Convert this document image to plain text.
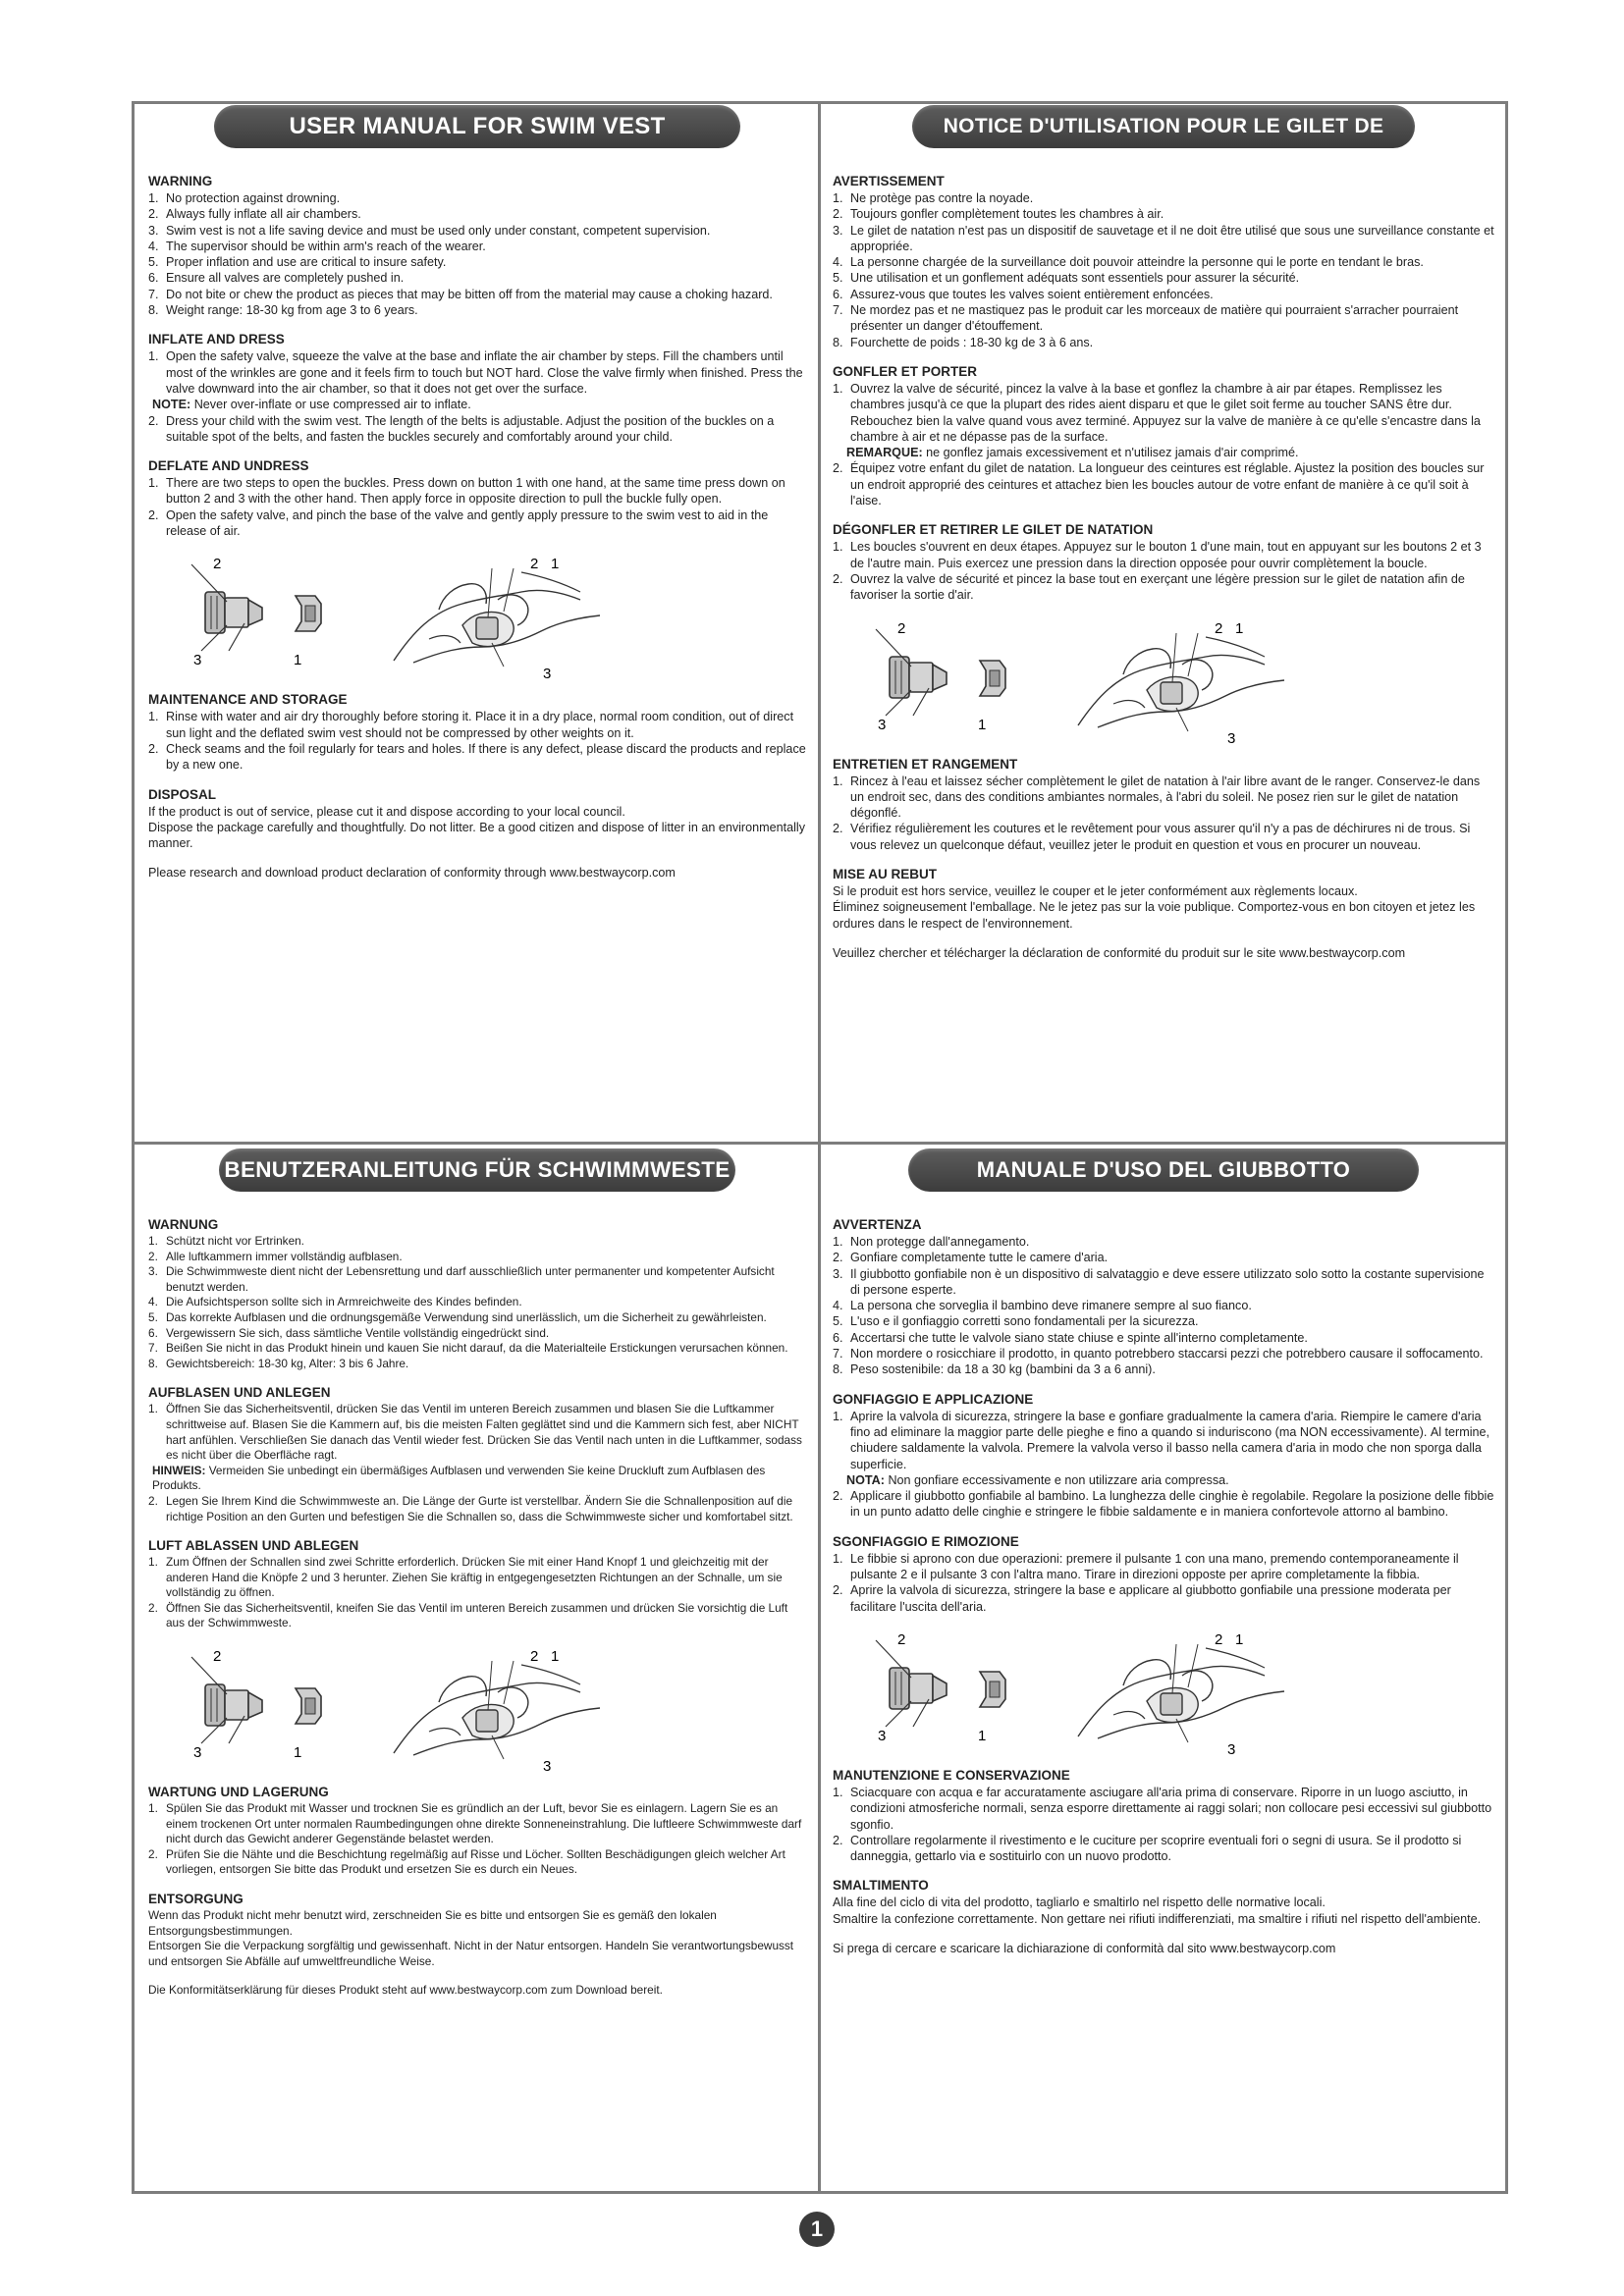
USER MANUAL FOR SWIM VEST
WARNING
No protection against drowning.
Always fully inflate all air chambers.
Swim vest is not a life saving device and must be used only under constant, competent supervision.
The supervisor should be within arm's reach of the wearer.
Proper inflation and use are critical to insure safety.
Ensure all valves are completely pushed in.
Do not bite or chew the product as pieces that may be bitten off from the material may cause a choking hazard.
Weight range: 18-30 kg from age 3 to 6 years.
INFLATE AND DRESS
Open the safety valve, squeeze the valve at the base and inflate the air chamber by steps. Fill the chambers until most of the wrinkles are gone and it feels firm to touch but NOT hard. Close the valve firmly when finished. Press the valve downward into the air chamber, so that it does not get over the surface.
NOTE: Never over-inflate or use compressed air to inflate.
Dress your child with the swim vest. The length of the belts is adjustable. Adjust the position of the buckles on a suitable spot of the belts, and fasten the buckles securely and comfortably around your child.
DEFLATE AND UNDRESS
There are two steps to open the buckles. Press down on button 1 with one hand, at the same time press down on button 2 and 3 with the other hand. Then apply force in opposite direction to pull the buckle fully open.
Open the safety valve, and pinch the base of the valve and gently apply pressure to the swim vest to aid in the release of air.
2
3	1
2 1
3
MAINTENANCE AND STORAGE
Rinse with water and air dry thoroughly before storing it. Place it in a dry place, normal room condition, out of direct sun light and the deflated swim vest should not be compressed by other weights on it.
Check seams and the foil regularly for tears and holes. If there is any defect, please discard the products and replace by a new one.
DISPOSAL

If the product is out of service, please cut it and dispose according to your local council.

Dispose the package carefully and thoughtfully. Do not litter. Be a good citizen and dispose of litter in an environmentally manner.

Please research and download product declaration of conformity through www.bestwaycorp.com

NOTICE D'UTILISATION POUR LE GILET DE NATATION
AVERTISSEMENT
Ne protège pas contre la noyade.
Toujours gonfler complètement toutes les chambres à air.
Le gilet de natation n'est pas un dispositif de sauvetage et il ne doit être utilisé que sous une surveillance constante et appropriée.
La personne chargée de la surveillance doit pouvoir atteindre la personne qui le porte en tendant le bras.
Une utilisation et un gonflement adéquats sont essentiels pour assurer la sécurité.
Assurez-vous que toutes les valves soient entièrement enfoncées.
Ne mordez pas et ne mastiquez pas le produit car les morceaux de matière qui pourraient s'arracher pourraient présenter un danger d'étouffement.
Fourchette de poids : 18-30 kg de 3 à 6 ans.
GONFLER ET PORTER
Ouvrez la valve de sécurité, pincez la valve à la base et gonflez la chambre à air par étapes. Remplissez les chambres jusqu'à ce que la plupart des rides aient disparu et que le gilet soit ferme au toucher SANS être dur. Rebouchez bien la valve quand vous avez terminé. Appuyez sur la valve de manière à ce qu'elle s'encastre dans la chambre à air et ne dépasse pas de la surface.
REMARQUE: ne gonflez jamais excessivement et n'utilisez jamais d'air comprimé.
Équipez votre enfant du gilet de natation. La longueur des ceintures est réglable. Ajustez la position des boucles sur un endroit approprié des ceintures et attachez bien les boucles autour de votre enfant de manière à ce qu'il soit à l'aise.
DÉGONFLER ET RETIRER LE GILET DE NATATION
Les boucles s'ouvrent en deux étapes. Appuyez sur le bouton 1 d'une main, tout en appuyant sur les boutons 2 et 3 de l'autre main. Puis exercez une pression dans la direction opposée pour ouvrir complètement la boucle.
Ouvrez la valve de sécurité et pincez la base tout en exerçant une légère pression sur le gilet de natation afin de favoriser la sortie d'air.
2
3	1
2 1
3
ENTRETIEN ET RANGEMENT
Rincez à l'eau et laissez sécher complètement le gilet de natation à l'air libre avant de le ranger. Conservez-le dans un endroit sec, dans des conditions ambiantes normales, à l'abri du soleil. Ne posez rien sur le gilet de natation dégonflé.
Vérifiez régulièrement les coutures et le revêtement pour vous assurer qu'il n'y a pas de déchirures ni de trous. Si vous relevez un quelconque défaut, veuillez jeter le produit en question et vous en procurer un nouveau.
MISE AU REBUT

Si le produit est hors service, veuillez le couper et le jeter conformément aux règlements locaux.

Éliminez soigneusement l'emballage. Ne le jetez pas sur la voie publique. Comportez-vous en bon citoyen et jetez les ordures dans le respect de l'environnement.

Veuillez chercher et télécharger la déclaration de conformité du produit sur le site www.bestwaycorp.com

BENUTZERANLEITUNG FÜR SCHWIMMWESTE
WARNUNG
Schützt nicht vor Ertrinken.
Alle luftkammern immer vollständig aufblasen.
Die Schwimmweste dient nicht der Lebensrettung und darf ausschließlich unter permanenter und kompetenter Aufsicht benutzt werden.
Die Aufsichtsperson sollte sich in Armreichweite des Kindes befinden.
Das korrekte Aufblasen und die ordnungsgemäße Verwendung sind unerlässlich, um die Sicherheit zu gewährleisten.
Vergewissern Sie sich, dass sämtliche Ventile vollständig eingedrückt sind.
Beißen Sie nicht in das Produkt hinein und kauen Sie nicht darauf, da die Materialteile Erstickungen verursachen können.
Gewichtsbereich: 18-30 kg, Alter: 3 bis 6 Jahre.
AUFBLASEN UND ANLEGEN
Öffnen Sie das Sicherheitsventil, drücken Sie das Ventil im unteren Bereich zusammen und blasen Sie die Luftkammer schrittweise auf. Blasen Sie die Kammern auf, bis die meisten Falten geglättet sind und die Kammern sich fest, aber NICHT hart anfühlen. Verschließen Sie danach das Ventil wieder fest. Drücken Sie das Ventil nach unten in die Luftkammer, sodass es nicht über die Oberfläche ragt.
HINWEIS: Vermeiden Sie unbedingt ein übermäßiges Aufblasen und verwenden Sie keine Druckluft zum Aufblasen des Produkts.
Legen Sie Ihrem Kind die Schwimmweste an. Die Länge der Gurte ist verstellbar. Ändern Sie die Schnallenposition auf die richtige Position an den Gurten und befestigen Sie die Schnallen so, dass die Schwimmweste sicher und komfortabel sitzt.
LUFT ABLASSEN UND ABLEGEN
Zum Öffnen der Schnallen sind zwei Schritte erforderlich. Drücken Sie mit einer Hand Knopf 1 und gleichzeitig mit der anderen Hand die Knöpfe 2 und 3 herunter. Ziehen Sie kräftig in entgegengesetzten Richtungen an der Schnalle, um sie vollständig zu öffnen.
Öffnen Sie das Sicherheitsventil, kneifen Sie das Ventil im unteren Bereich zusammen und drücken Sie vorsichtig die Luft aus der Schwimmweste.
2
3	1
2 1
3
WARTUNG UND LAGERUNG
Spülen Sie das Produkt mit Wasser und trocknen Sie es gründlich an der Luft, bevor Sie es einlagern. Lagern Sie es an einem trockenen Ort unter normalen Raumbedingungen ohne direkte Sonneneinstrahlung. Die luftleere Schwimmweste darf nicht durch das Gewicht anderer Gegenstände belastet werden.
Prüfen Sie die Nähte und die Beschichtung regelmäßig auf Risse und Löcher. Sollten Beschädigungen gleich welcher Art vorliegen, entsorgen Sie bitte das Produkt und ersetzen Sie es durch ein Neues.
ENTSORGUNG

Wenn das Produkt nicht mehr benutzt wird, zerschneiden Sie es bitte und entsorgen Sie es gemäß den lokalen Entsorgungsbestimmungen.

Entsorgen Sie die Verpackung sorgfältig und gewissenhaft. Nicht in der Natur entsorgen. Handeln Sie verantwortungsbewusst und entsorgen Sie Abfälle auf umweltfreundliche Weise.

Die Konformitätserklärung für dieses Produkt steht auf www.bestwaycorp.com zum Download bereit.

MANUALE D'USO DEL GIUBBOTTO GONFIABILE
AVVERTENZA
Non protegge dall'annegamento.
Gonfiare completamente tutte le camere d'aria.
Il giubbotto gonfiabile non è un dispositivo di salvataggio e deve essere utilizzato solo sotto la costante supervisione di persone esperte.
La persona che sorveglia il bambino deve rimanere sempre al suo fianco.
L'uso e il gonfiaggio corretti sono fondamentali per la sicurezza.
Accertarsi che tutte le valvole siano state chiuse e spinte all'interno completamente.
Non mordere o rosicchiare il prodotto, in quanto potrebbero staccarsi pezzi che potrebbero causare il soffocamento.
Peso sostenibile: da 18 a 30 kg (bambini da 3 a 6 anni).
GONFIAGGIO E APPLICAZIONE
Aprire la valvola di sicurezza, stringere la base e gonfiare gradualmente la camera d'aria. Riempire le camere d'aria fino ad eliminare la maggior parte delle pieghe e fino a quando si indurisconо (ma NON eccessivamente). Al termine, chiudere saldamente la valvola. Premere la valvola verso il basso nella camera d'aria in modo che non sporga dalla superficie.
NOTA: Non gonfiare eccessivamente e non utilizzare aria compressa.
Applicare il giubbotto gonfiabile al bambino. La lunghezza delle cinghie è regolabile. Regolare la posizione delle fibbie in un punto adatto delle cinghie e stringere le fibbie saldamente e in maniera confortevole attorno al bambino.
SGONFIAGGIO E RIMOZIONE
Le fibbie si aprono con due operazioni: premere il pulsante 1 con una mano, premendo contemporaneamente il pulsante 2 e il pulsante 3 con l'altra mano. Tirare in direzioni opposte per aprire completamente la fibbia.
Aprire la valvola di sicurezza, stringere la base e applicare al giubbotto gonfiabile una pressione moderata per facilitare l'uscita dell'aria.
2
3	1
2 1
3
MANUTENZIONE E CONSERVAZIONE
Sciacquare con acqua e far accuratamente asciugare all'aria prima di conservare. Riporre in un luogo asciutto, in condizioni atmosferiche normali, senza esporre direttamente ai raggi solari; non collocare pesi eccessivi sul giubbotto sgonfio.
Controllare regolarmente il rivestimento e le cuciture per scoprire eventuali fori o segni di usura. Se il prodotto si danneggia, gettarlo via e sostituirlo con un nuovo prodotto.
SMALTIMENTO

Alla fine del ciclo di vita del prodotto, tagliarlo e smaltirlo nel rispetto delle normative locali.

Smaltire la confezione correttamente. Non gettare nei rifiuti indifferenziati, ma smaltire i rifiuti nel rispetto dell'ambiente.

Si prega di cercare e scaricare la dichiarazione di conformità dal sito www.bestwaycorp.com

1
